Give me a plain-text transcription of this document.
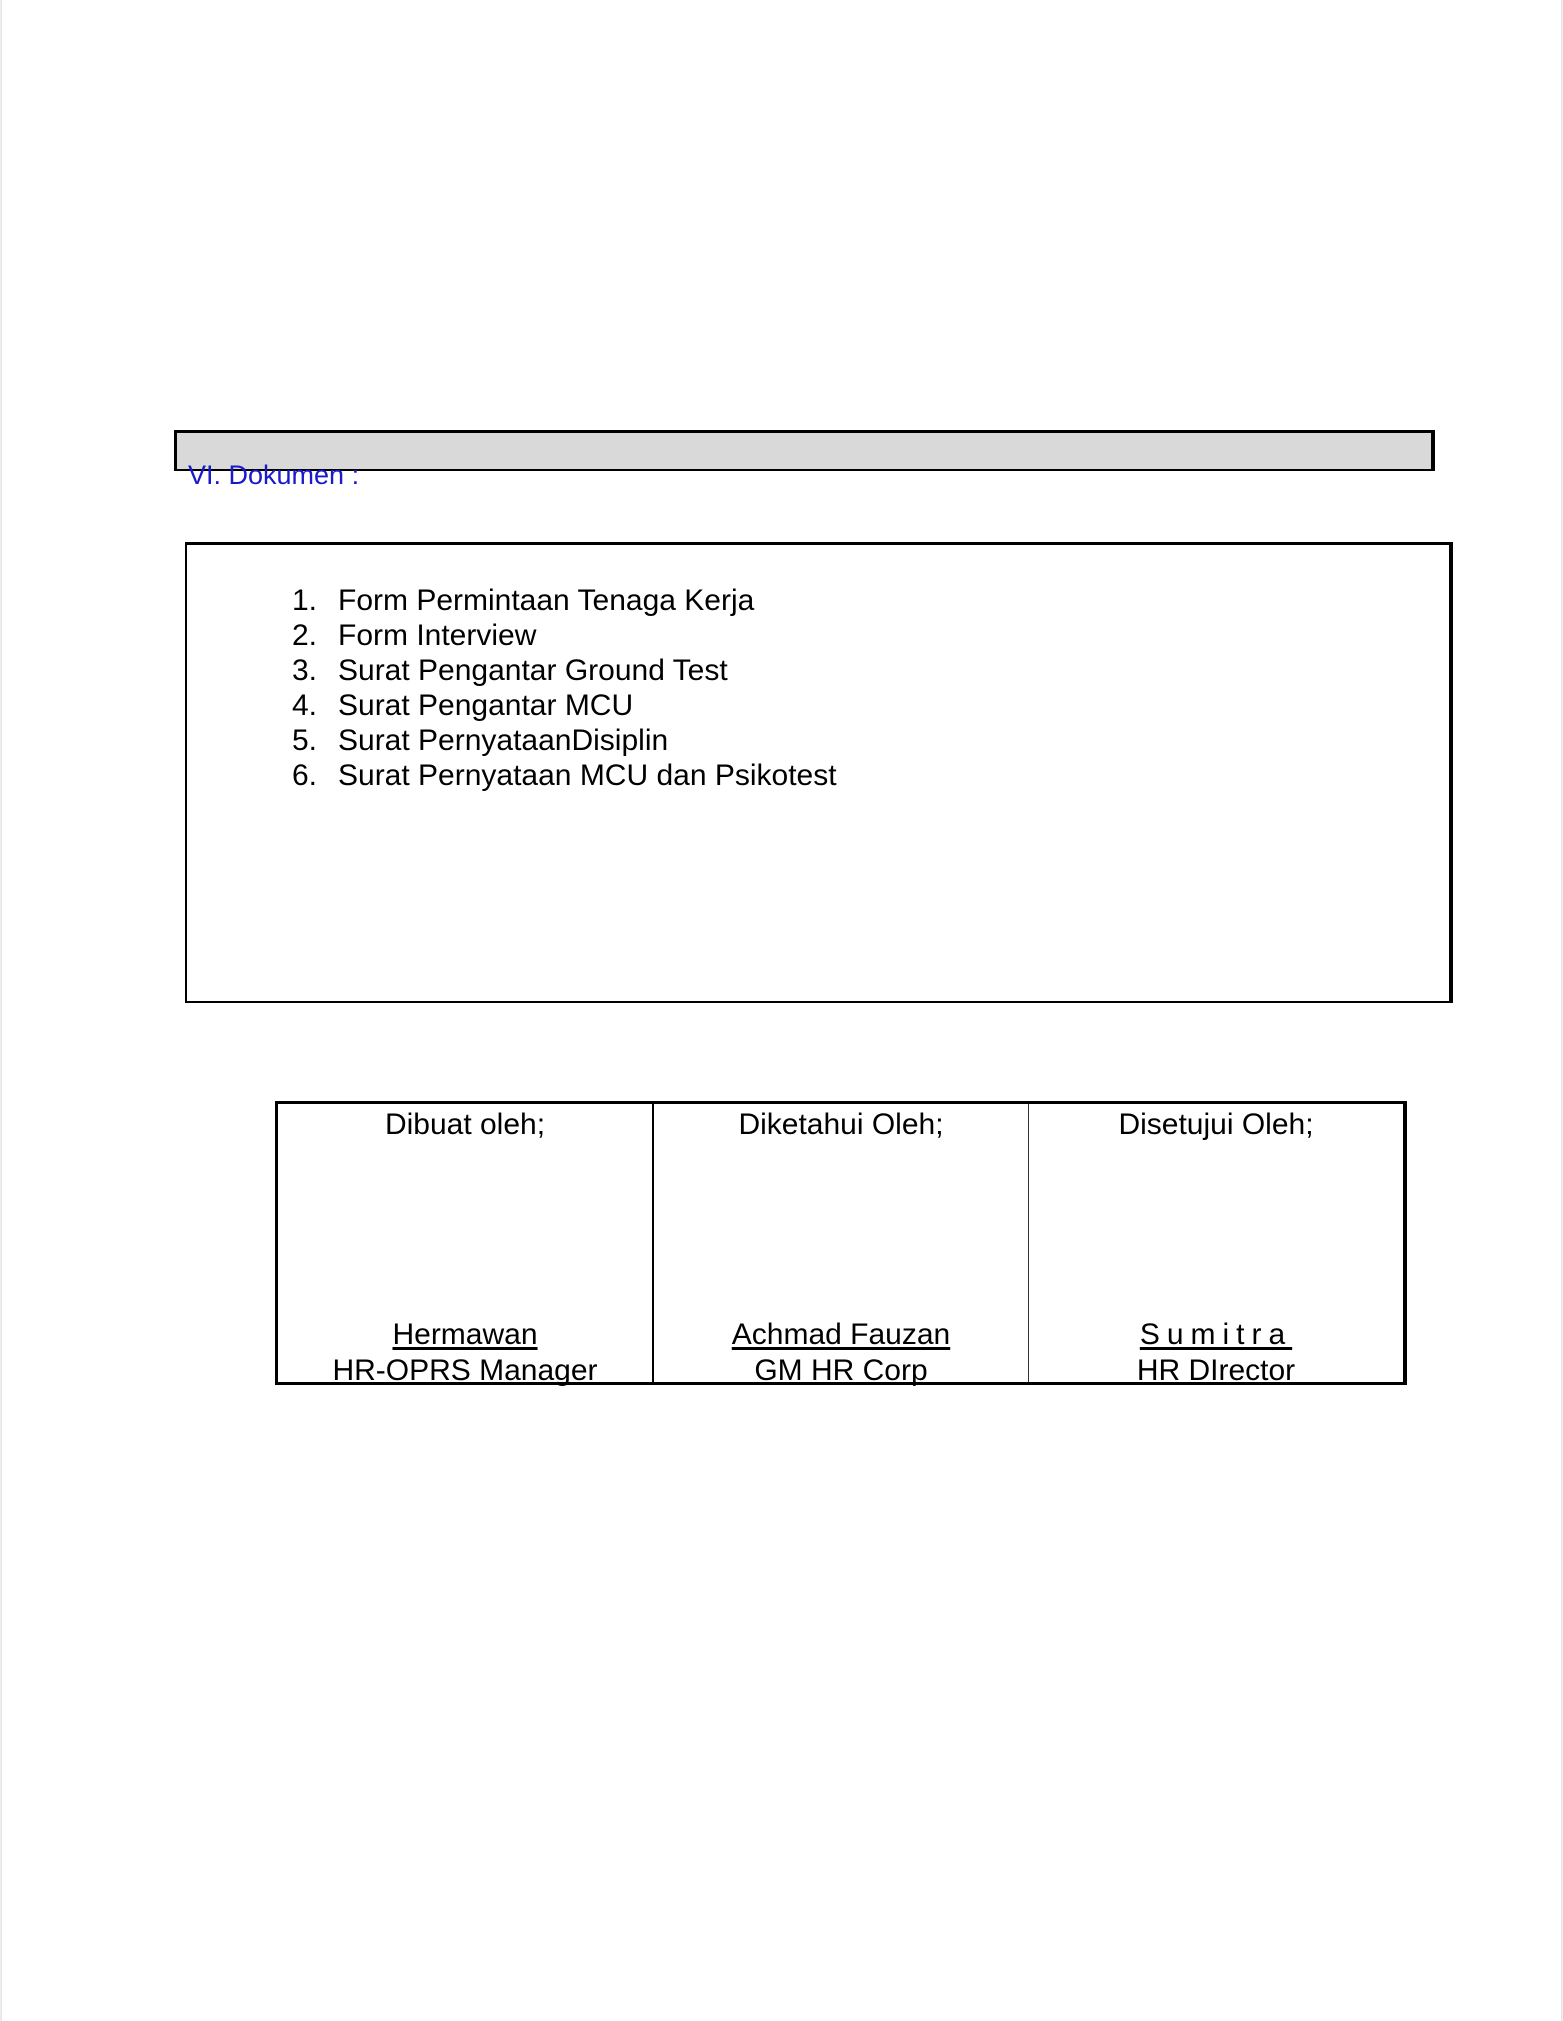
VI. Dokumen :
1. Form Permintaan Tenaga Kerja
2. Form Interview
3. Surat Pengantar Ground Test
4. Surat Pengantar MCU
5. Surat PernyataanDisiplin
6. Surat Pernyataan MCU dan Psikotest
Dibuat oleh;
Hermawan
HR-OPRS Manager
Diketahui Oleh;
Achmad Fauzan
GM HR Corp
Disetujui Oleh;
Sumitra
HR DIrector
